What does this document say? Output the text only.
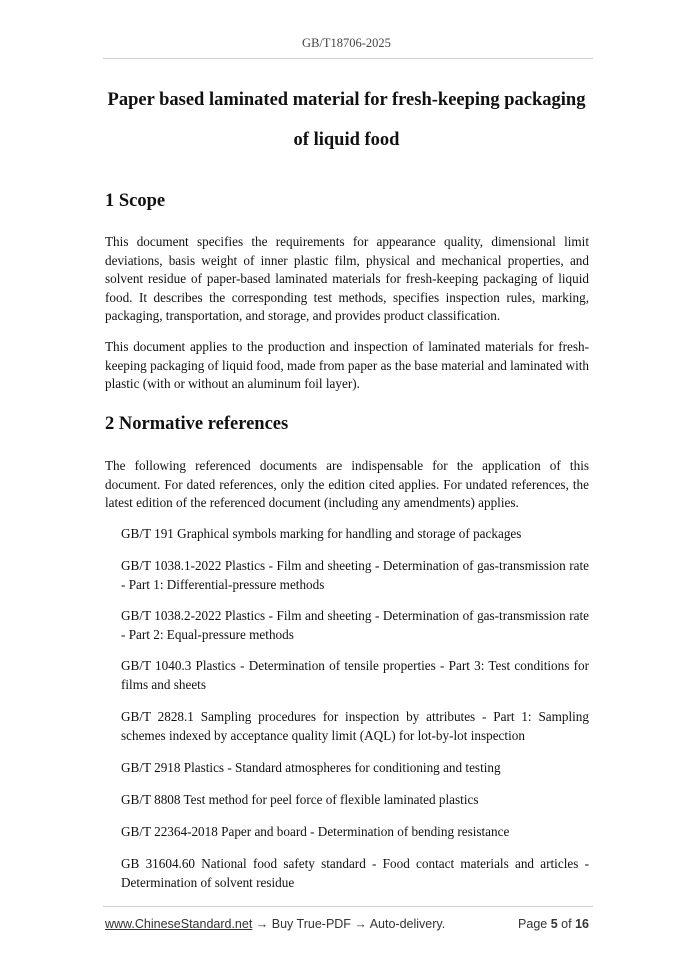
GB/T18706-2025
Paper based laminated material for fresh-keeping packaging
of liquid food
1 Scope

This document specifies the requirements for appearance quality, dimensional limit deviations, basis weight of inner plastic film, physical and mechanical properties, and solvent residue of paper-based laminated materials for fresh-keeping packaging of liquid food. It describes the corresponding test methods, specifies inspection rules, marking, packaging, transportation, and storage, and provides product classification.

This document applies to the production and inspection of laminated materials for fresh-keeping packaging of liquid food, made from paper as the base material and laminated with plastic (with or without an aluminum foil layer).

2 Normative references

The following referenced documents are indispensable for the application of this document. For dated references, only the edition cited applies. For undated references, the latest edition of the referenced document (including any amendments) applies.

GB/T 191 Graphical symbols marking for handling and storage of packages

GB/T 1038.1-2022 Plastics - Film and sheeting - Determination of gas-transmission rate - Part 1: Differential-pressure methods

GB/T 1038.2-2022 Plastics - Film and sheeting - Determination of gas-transmission rate - Part 2: Equal-pressure methods

GB/T 1040.3 Plastics - Determination of tensile properties - Part 3: Test conditions for films and sheets

GB/T 2828.1 Sampling procedures for inspection by attributes - Part 1: Sampling schemes indexed by acceptance quality limit (AQL) for lot-by-lot inspection

GB/T 2918 Plastics - Standard atmospheres for conditioning and testing

GB/T 8808 Test method for peel force of flexible laminated plastics

GB/T 22364-2018 Paper and board - Determination of bending resistance

GB 31604.60 National food safety standard - Food contact materials and articles - Determination of solvent residue

www.ChineseStandard.net → Buy True-PDF → Auto-delivery.	Page 5 of 16
